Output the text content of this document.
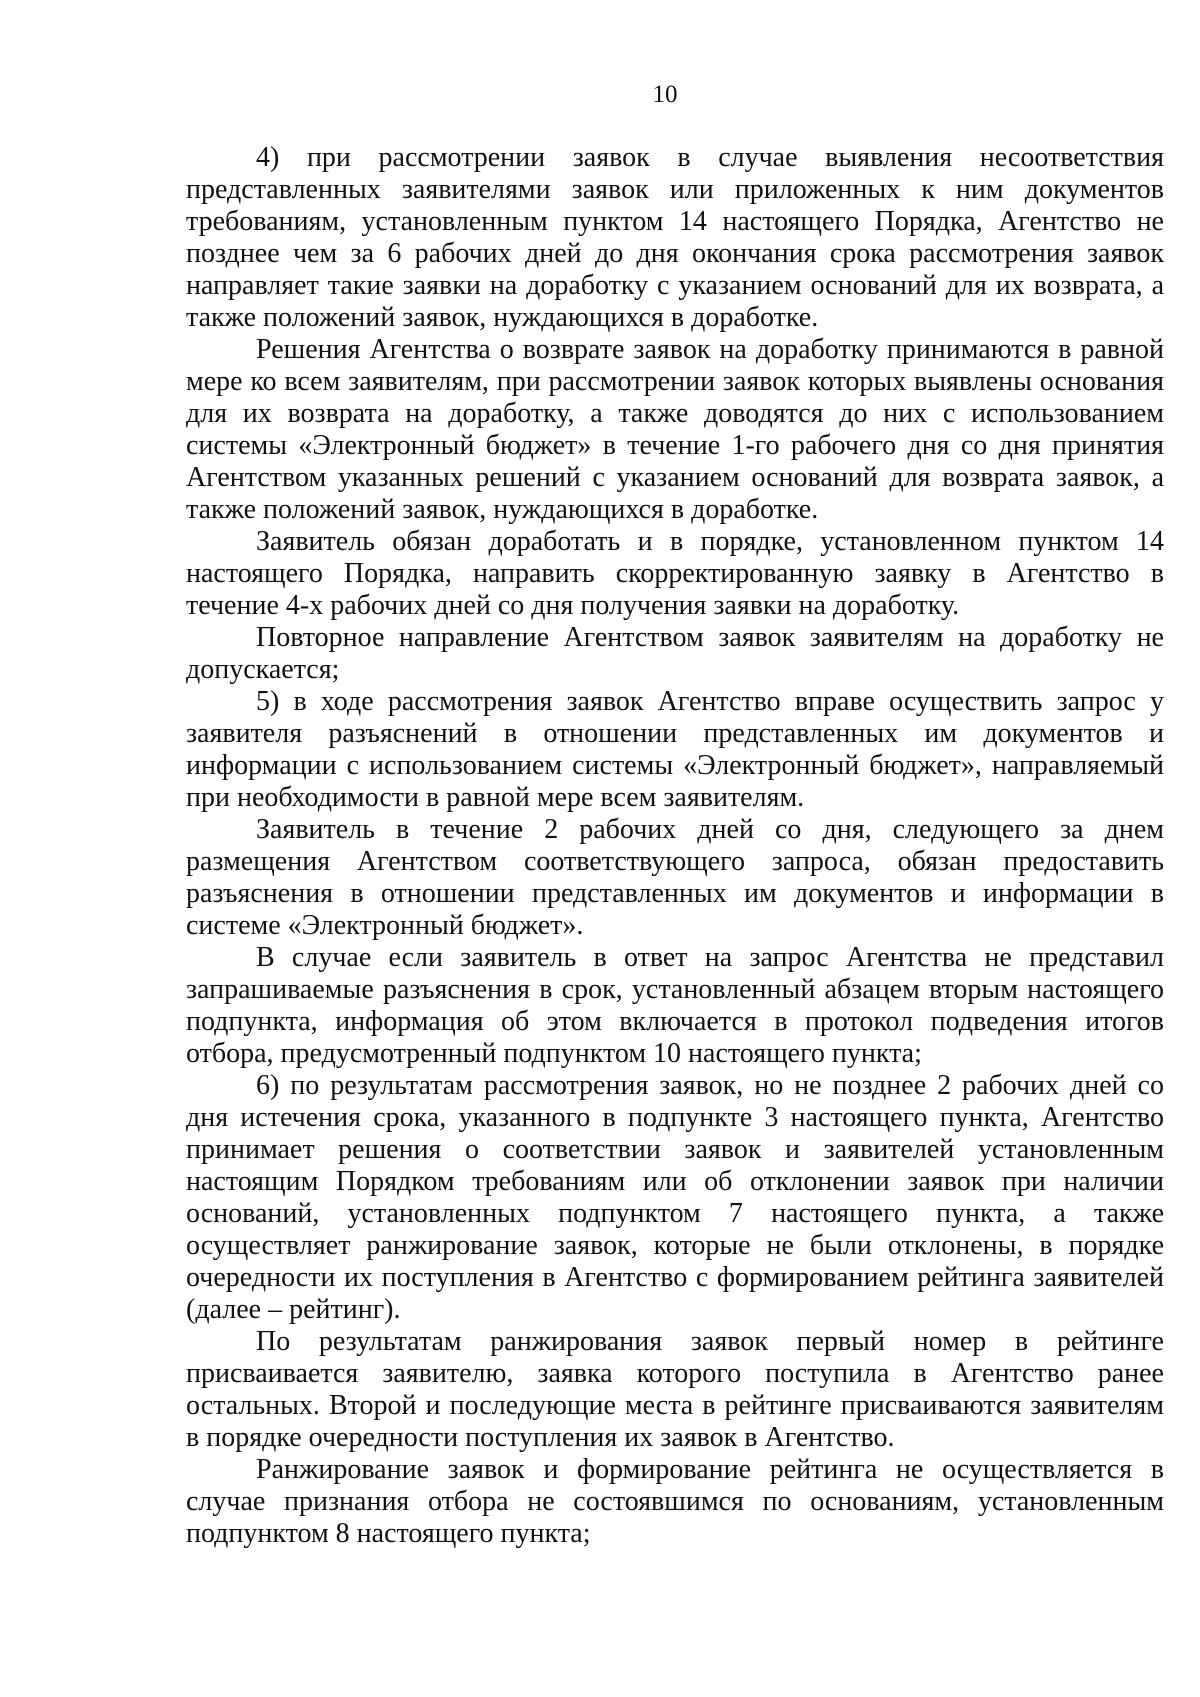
10

4) при рассмотрении заявок в случае выявления несоответствия представленных заявителями заявок или приложенных к ним документов требованиям, установленным пунктом 14 настоящего Порядка, Агентство не позднее чем за 6 рабочих дней до дня окончания срока рассмотрения заявок направляет такие заявки на доработку с указанием оснований для их возврата, а также положений заявок, нуждающихся в доработке.

Решения Агентства о возврате заявок на доработку принимаются в равной мере ко всем заявителям, при рассмотрении заявок которых выявлены основания для их возврата на доработку, а также доводятся до них с использованием системы «Электронный бюджет» в течение 1-го рабочего дня со дня принятия Агентством указанных решений с указанием оснований для возврата заявок, а также положений заявок, нуждающихся в доработке.

Заявитель обязан доработать и в порядке, установленном пунктом 14 настоящего Порядка, направить скорректированную заявку в Агентство в течение 4-х рабочих дней со дня получения заявки на доработку.

Повторное направление Агентством заявок заявителям на доработку не допускается;

5) в ходе рассмотрения заявок Агентство вправе осуществить запрос у заявителя разъяснений в отношении представленных им документов и информации с использованием системы «Электронный бюджет», направляемый при необходимости в равной мере всем заявителям.

Заявитель в течение 2 рабочих дней со дня, следующего за днем размещения Агентством соответствующего запроса, обязан предоставить разъяснения в отношении представленных им документов и информации в системе «Электронный бюджет».

В случае если заявитель в ответ на запрос Агентства не представил запрашиваемые разъяснения в срок, установленный абзацем вторым настоящего подпункта, информация об этом включается в протокол подведения итогов отбора, предусмотренный подпунктом 10 настоящего пункта;

6) по результатам рассмотрения заявок, но не позднее 2 рабочих дней со дня истечения срока, указанного в подпункте 3 настоящего пункта, Агентство принимает решения о соответствии заявок и заявителей установленным настоящим Порядком требованиям или об отклонении заявок при наличии оснований, установленных подпунктом 7 настоящего пункта, а также осуществляет ранжирование заявок, которые не были отклонены, в порядке очередности их поступления в Агентство с формированием рейтинга заявителей (далее – рейтинг).

По результатам ранжирования заявок первый номер в рейтинге присваивается заявителю, заявка которого поступила в Агентство ранее остальных. Второй и последующие места в рейтинге присваиваются заявителям в порядке очередности поступления их заявок в Агентство.

Ранжирование заявок и формирование рейтинга не осуществляется в случае признания отбора не состоявшимся по основаниям, установленным подпунктом 8 настоящего пункта;
